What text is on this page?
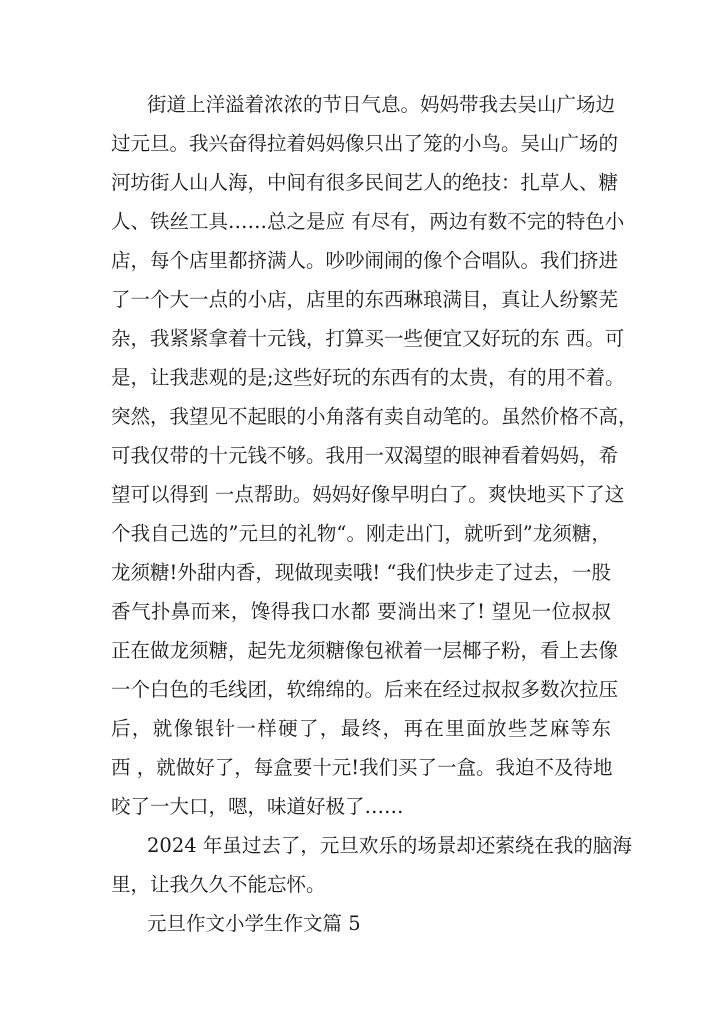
街道上洋溢着浓浓的节日气息。妈妈带我去吴山广场边

过元旦。我兴奋得拉着妈妈像只出了笼的小鸟。吴山广场的

河坊街人山人海，中间有很多民间艺人的绝技：扎草人、糖

人、铁丝工具……总之是应 有尽有，两边有数不完的特色小

店，每个店里都挤满人。吵吵闹闹的像个合唱队。我们挤进

了一个大一点的小店，店里的东西琳琅满目，真让人纷繁芜

杂，我紧紧拿着十元钱，打算买一些便宜又好玩的东 西。可

是，让我悲观的是;这些好玩的东西有的太贵，有的用不着。

突然，我望见不起眼的小角落有卖自动笔的。虽然价格不高，

可我仅带的十元钱不够。我用一双渴望的眼神看着妈妈，希

望可以得到 一点帮助。妈妈好像早明白了。爽快地买下了这

个我自己选的”元旦的礼物“。刚走出门，就听到”龙须糖，

龙须糖!外甜内香，现做现卖哦! “我们快步走了过去，一股

香气扑鼻而来，馋得我口水都 要淌出来了! 望见一位叔叔

正在做龙须糖，起先龙须糖像包袱着一层椰子粉，看上去像

一个白色的毛线团，软绵绵的。后来在经过叔叔多数次拉压

后，就像银针一样硬了，最终，再在里面放些芝麻等东

西 ，就做好了，每盒要十元!我们买了一盒。我迫不及待地

咬了一大口，嗯，味道好极了……

2024 年虽过去了，元旦欢乐的场景却还萦绕在我的脑海

里，让我久久不能忘怀。

元旦作文小学生作文篇 5
